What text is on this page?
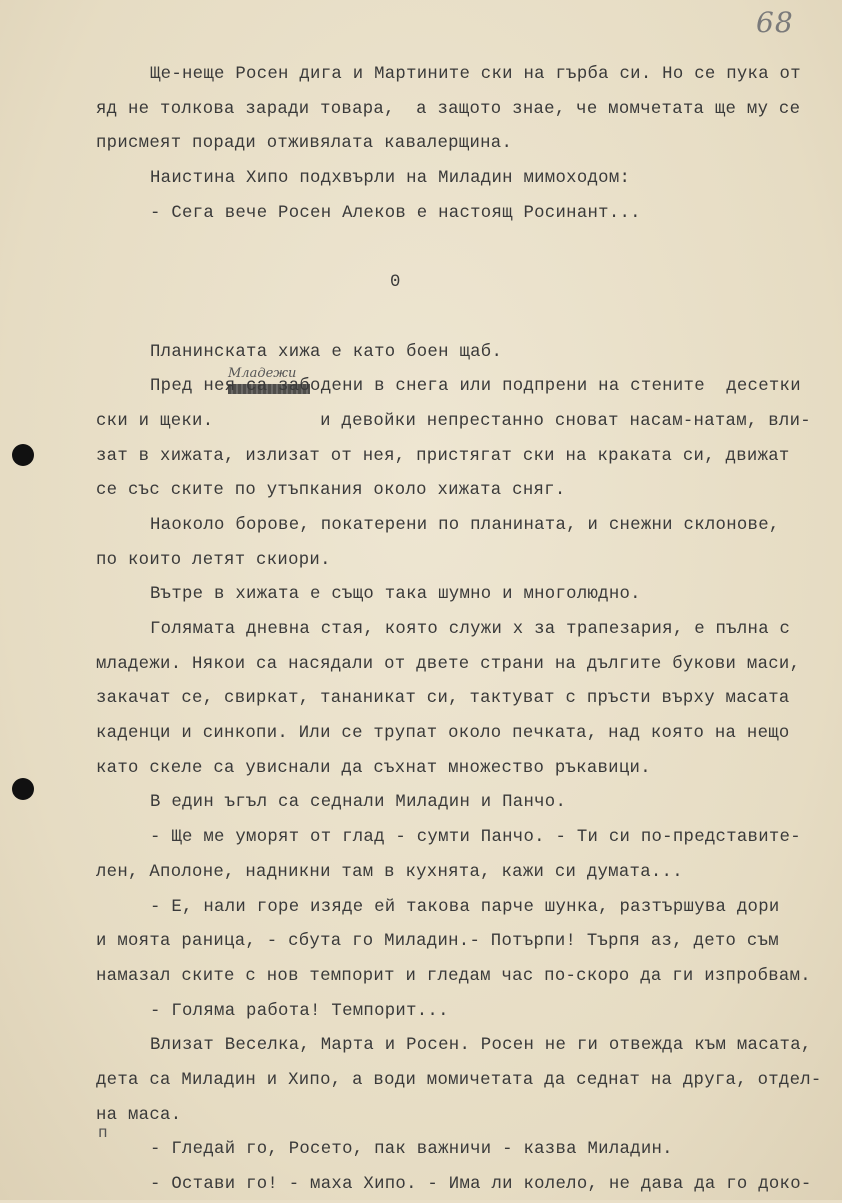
68
Младежи
п
Ще-неще Росен дига и Мартините ски на гърба си. Но се пука от
яд не толкова заради товара,  а защото знае, че момчетата ще му се
присмеят поради отживялата кавалерщина.
Наистина Хипо подхвърли на Миладин мимоходом:
- Сега вече Росен Алеков е настоящ Росинант...
0
Планинската хижа е като боен щаб.
Пред нея са забодени в снега или подпрени на стените  десетки
ски и щеки.          и девойки непрестанно сноват насам-натам, вли-
зат в хижата, излизат от нея, пристягат ски на краката си, движат
се със ските по утъпкания около хижата сняг.
Наоколо борове, покатерени по планината, и снежни склонове,
по които летят скиори.
Вътре в хижата е също така шумно и многолюдно.
Голямата дневна стая, която служи х за трапезария, е пълна с
младежи. Някои са насядали от двете страни на дългите букови маси,
закачат се, свиркат, тананикат си, тактуват с пръсти върху масата
каденци и синкопи. Или се трупат около печката, над която на нещо
като скеле са увиснали да съхнат множество ръкавици.
В един ъгъл са седнали Миладин и Панчо.
- Ще ме уморят от глад - сумти Панчо. - Ти си по-представите-
лен, Аполоне, надникни там в кухнята, кажи си думата...
- Е, нали горе изяде ей такова парче шунка, разтършува дори
и моята раница, - сбута го Миладин.- Потърпи! Търпя аз, дето съм
намазал ските с нов темпорит и гледам час по-скоро да ги изпробвам.
- Голяма работа! Темпорит...
Влизат Веселка, Марта и Росен. Росен не ги отвежда към масата,
дета са Миладин и Хипо, а води момичетата да седнат на друга, отдел-
на маса.
- Гледай го, Росето, пак важничи - казва Миладин.
- Остави гo! - маха Хипо. - Има ли колело, не дава да го доко-
